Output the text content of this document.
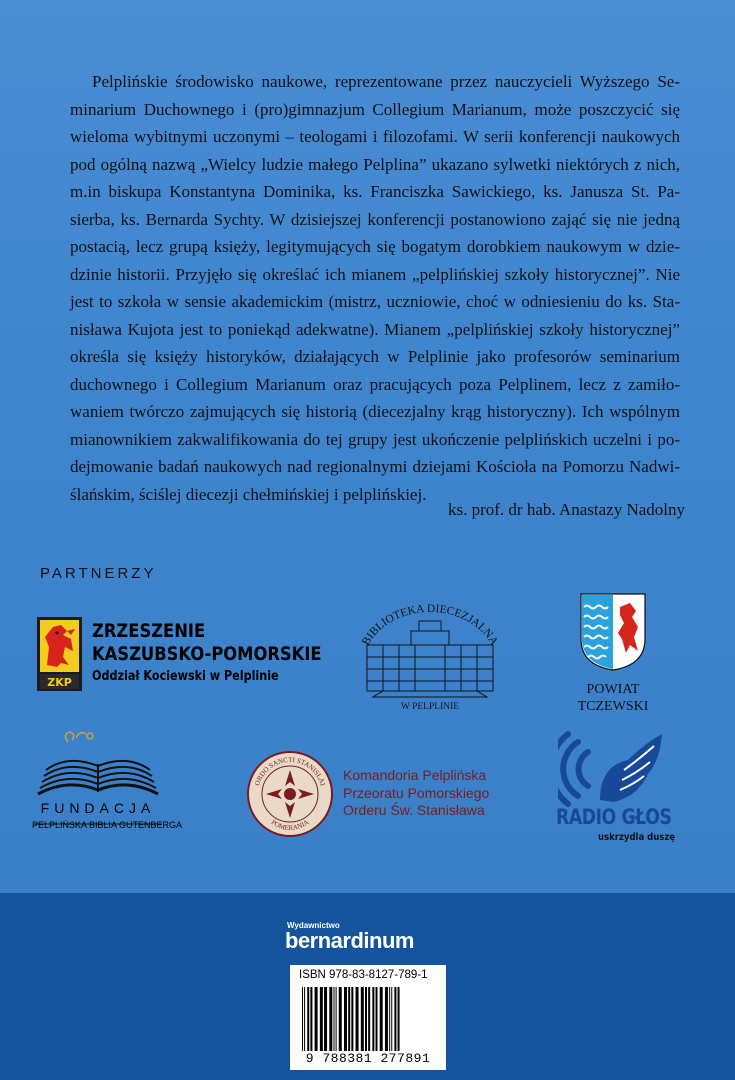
Pelplińskie środowisko naukowe, reprezentowane przez nauczycieli Wyższego Seminarium Duchownego i (pro)gimnazjum Collegium Marianum, może poszczycić się wieloma wybitnymi uczonymi – teologami i filozofami. W serii konferencji naukowych pod ogólną nazwą „Wielcy ludzie małego Pelplina” ukazano sylwetki niektórych z nich, m.in biskupa Konstantyna Dominika, ks. Franciszka Sawickiego, ks. Janusza St. Pasierba, ks. Bernarda Sychty. W dzisiejszej konferencji postanowiono zająć się nie jedną postacią, lecz grupą księży, legitymujących się bogatym dorobkiem naukowym w dziedzinie historii. Przyjęło się określać ich mianem „pelplińskiej szkoły historycznej”. Nie jest to szkoła w sensie akademickim (mistrz, uczniowie, choć w odniesieniu do ks. Stanisława Kujota jest to poniekąd adekwatne). Mianem „pelplińskiej szkoły historycznej” określa się księży historyków, działających w Pelplinie jako profesorów seminarium duchownego i Collegium Marianum oraz pracujących poza Pelplinem, lecz z zamiłowaniem twórczo zajmujących się historią (diecezjalny krąg historyczny). Ich wspólnym mianownikiem zakwalifikowania do tej grupy jest ukończenie pelplińskich uczelni i podejmowanie badań naukowych nad regionalnymi dziejami Kościoła na Pomorzu Nadwiślańskim, ściślej diecezji chełmińskiej i pelplińskiej.

ks. prof. dr hab. Anastazy Nadolny
PARTNERZY
ZKP
ZRZESZENIE
KASZUBSKO-POMORSKIE
Oddział Kociewski w Pelplinie
BIBLIOTEKA DIECEZJALNA
W PELPLINIE
POWIAT
TCZEWSKI
FUNDACJA
PELPLIŃSKA BIBLIA GUTENBERGA
ORDO SANCTI STANISLAI
POMERANIA
Komandoria Pelplińska
Przeoratu Pomorskiego
Orderu Św. Stanisława	RADIO GŁOS
uskrzydla duszę
Wydawnictwo
bernardinum
ISBN 978-83-8127-789-1
9 788381 277891
